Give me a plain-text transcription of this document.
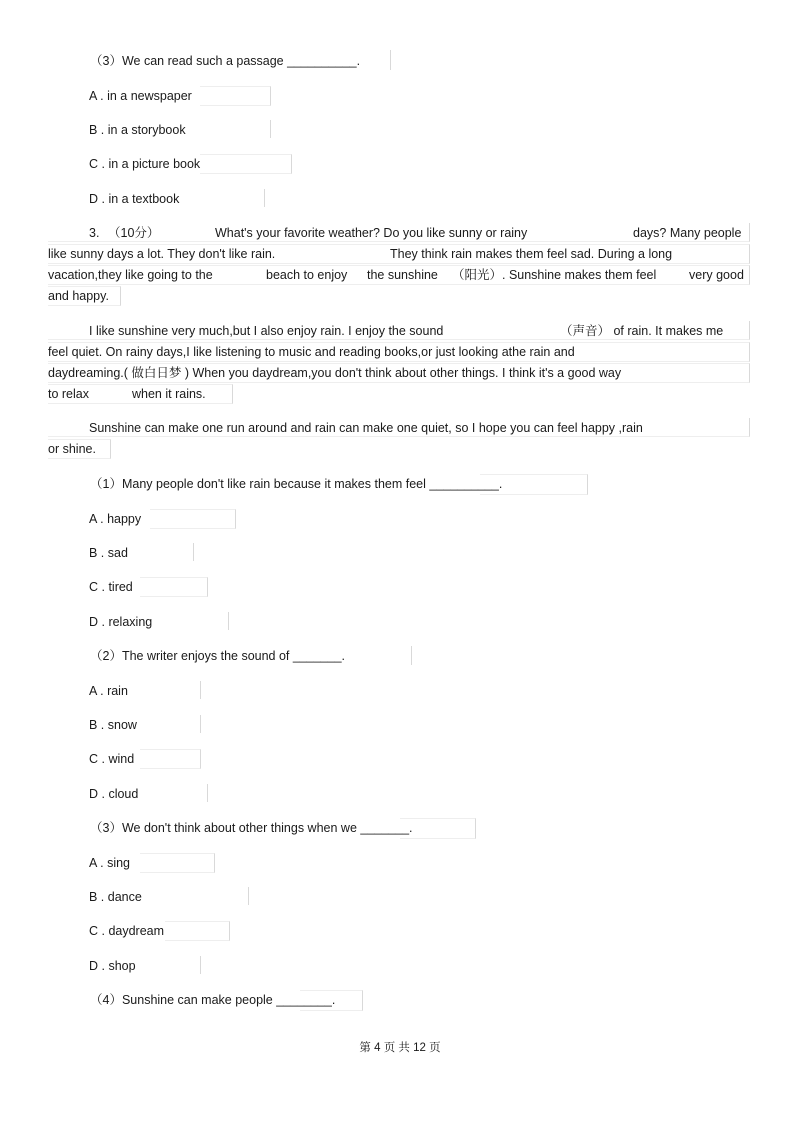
（3）We can read such a passage __________.
A . in a newspaper
B . in a storybook
C . in a picture book
D . in a textbook
3. （10分）	What's your favorite weather? Do you like sunny or rainy	days? Many people
like sunny days a lot. They don't like rain.	They think rain makes them feel sad. During a long
vacation,they like going to the	beach to enjoy the sunshine （阳光）. Sunshine makes them feel	very good
and happy.
I like sunshine very much,but I also enjoy rain. I enjoy the sound	（声音） of rain. It makes me
feel quiet. On rainy days,I like listening to music and reading books,or just looking athe rain and
daydreaming.( 做白日梦 ) When you daydream,you don't think about other things. I think it's a good way
to relax	when it rains.
Sunshine can make one run around and rain can make one quiet, so I hope you can feel happy ,rain
or shine.
（1）Many people don't like rain because it makes them feel __________.
A . happy
B . sad
C . tired
D . relaxing
（2）The writer enjoys the sound of _______.
A . rain
B . snow
C . wind
D . cloud
（3）We don't think about other things when we _______.
A . sing
B . dance
C . daydream
D . shop
（4）Sunshine can make people ________.
第 4 页 共 12 页
